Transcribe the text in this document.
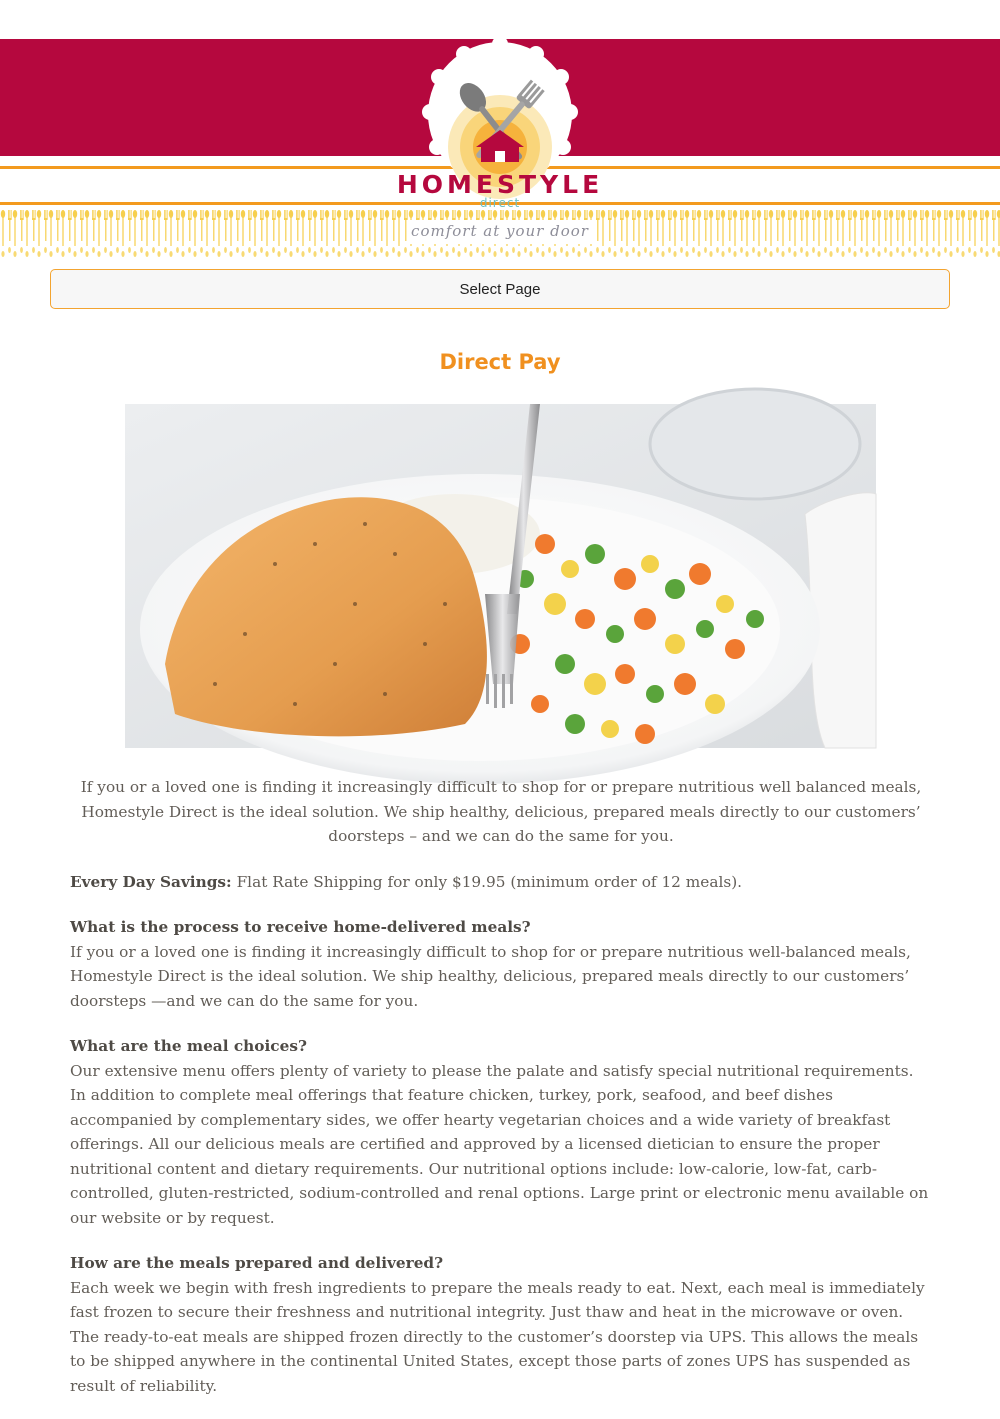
HOMESTYLE
direct
comfort at your door
Select Page
Direct Pay

If you or a loved one is finding it increasingly difficult to shop for or prepare nutritious well balanced meals, Homestyle Direct is the ideal solution. We ship healthy, delicious, prepared meals directly to our customers’ doorsteps – and we can do the same for you.

Every Day Savings: Flat Rate Shipping for only $19.95 (minimum order of 12 meals).

What is the process to receive home-delivered meals?
If you or a loved one is finding it increasingly difficult to shop for or prepare nutritious well-balanced meals, Homestyle Direct is the ideal solution. We ship healthy, delicious, prepared meals directly to our customers’ doorsteps —and we can do the same for you.
What are the meal choices?
Our extensive menu offers plenty of variety to please the palate and satisfy special nutritional requirements. In addition to complete meal offerings that feature chicken, turkey, pork, seafood, and beef dishes accompanied by complementary sides, we offer hearty vegetarian choices and a wide variety of breakfast offerings. All our delicious meals are certified and approved by a licensed dietician to ensure the proper nutritional content and dietary requirements. Our nutritional options include: low-calorie, low-fat, carb-controlled, gluten-restricted, sodium-controlled and renal options. Large print or electronic menu available on our website or by request.
How are the meals prepared and delivered?
Each week we begin with fresh ingredients to prepare the meals ready to eat. Next, each meal is immediately fast frozen to secure their freshness and nutritional integrity. Just thaw and heat in the microwave or oven. The ready-to-eat meals are shipped frozen directly to the customer’s doorstep via UPS. This allows the meals to be shipped anywhere in the continental United States, except those parts of zones UPS has suspended as result of reliability.
